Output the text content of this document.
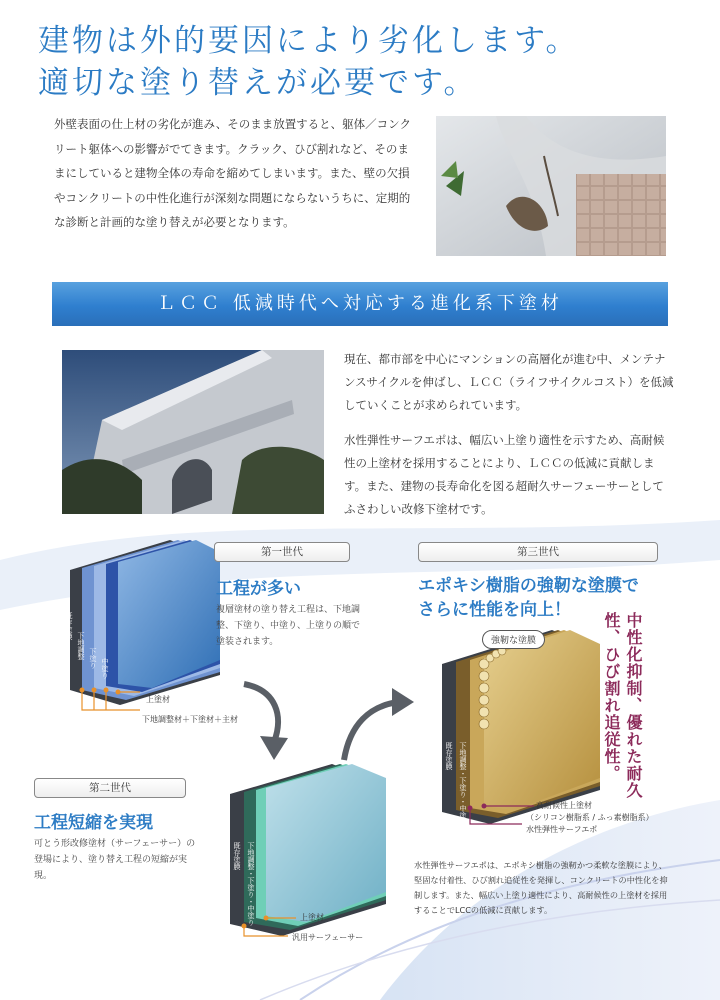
建物は外的要因により劣化します。
適切な塗り替えが必要です。
外壁表面の仕上材の劣化が進み、そのまま放置すると、躯体／コンクリート躯体への影響がでてきます。クラック、ひび割れなど、そのままにしていると建物全体の寿命を縮めてしまいます。また、壁の欠損やコンクリートの中性化進行が深刻な問題にならないうちに、定期的な診断と計画的な塗り替えが必要となります。
ＬＣＣ 低減時代へ対応する進化系下塗材

現在、都市部を中心にマンションの高層化が進む中、メンテナンスサイクルを伸ばし、ＬＣＣ（ライフサイクルコスト）を低減していくことが求められています。

水性弾性サーフエポは、幅広い上塗り適性を示すため、高耐候性の上塗材を採用することにより、ＬＣＣの低減に貢献します。また、建物の長寿命化を図る超耐久サーフェーサーとしてふさわしい改修下塗材です。

既存塗膜
下地調整 下塗り 中塗り
上塗材
下地調整材＋下塗材＋主材
第一世代
工程が多い
複層塗材の塗り替え工程は、下地調整、下塗り、中塗り、上塗りの順で塗装されます。
第二世代
工程短縮を実現
可とう形改修塗材（サーフェーサー）の登場により、塗り替え工程の短縮が実現。
既存塗膜 下地調整・下塗り・中塗り	上塗材
汎用サーフェーサー
第三世代
エポキシ樹脂の強靭な塗膜で
さらに性能を向上！
強靭な塗膜
既存塗膜 下地調整・下塗り・中塗り	高耐候性上塗材
（シリコン樹脂系 / ふっ素樹脂系）
水性弾性サーフエポ
中性化抑制、優れた耐久性、ひび割れ追従性。
水性弾性サーフエポは、エポキシ樹脂の強靭かつ柔軟な塗膜により、堅固な付着性、ひび割れ追従性を発揮し、コンクリートの中性化を抑制します。また、幅広い上塗り適性により、高耐候性の上塗材を採用することでLCCの低減に貢献します。
